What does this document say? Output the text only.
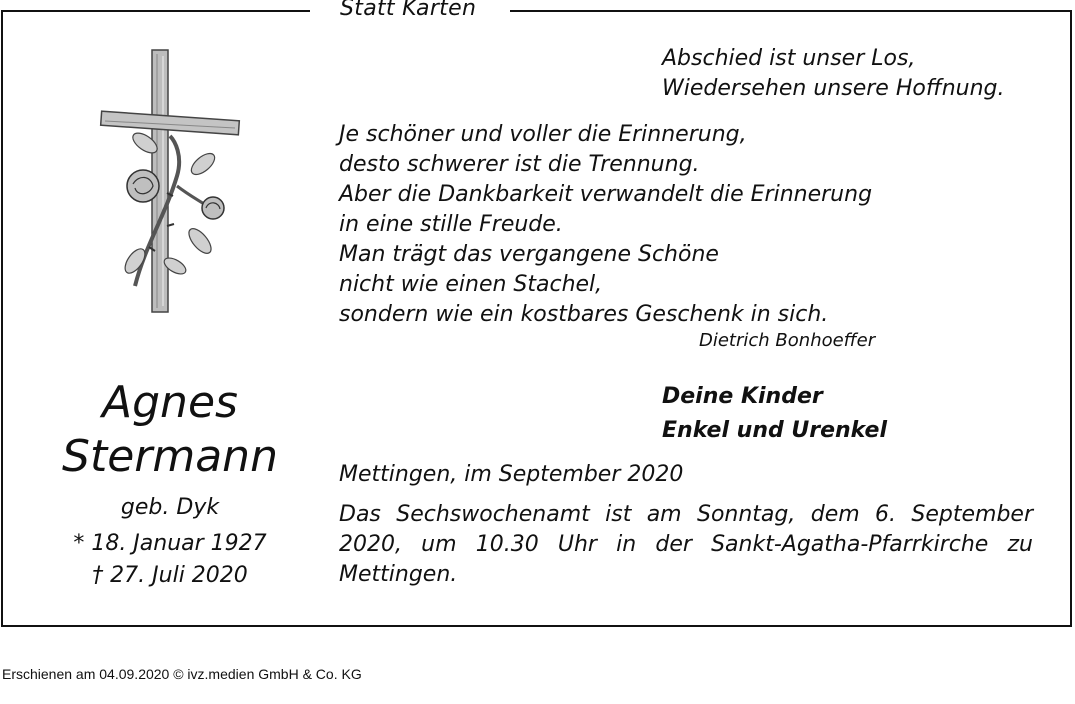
Statt Karten
Abschied ist unser Los,
Wiedersehen unsere Hoffnung.
Je schöner und voller die Erinnerung,
desto schwerer ist die Trennung.
Aber die Dankbarkeit verwandelt die Erinnerung
in eine stille Freude.
Man trägt das vergangene Schöne
nicht wie einen Stachel,
sondern wie ein kostbares Geschenk in sich.
Dietrich Bonhoeffer
Agnes
Stermann
geb. Dyk
* 18. Januar 1927
† 27. Juli 2020
Deine Kinder
Enkel und Urenkel
Mettingen, im September 2020
Das Sechswochenamt ist am Sonntag, dem 6. September 2020, um 10.30 Uhr in der Sankt-Agatha-Pfarrkirche zu Mettingen.
Erschienen am 04.09.2020 © ivz.medien GmbH & Co. KG
